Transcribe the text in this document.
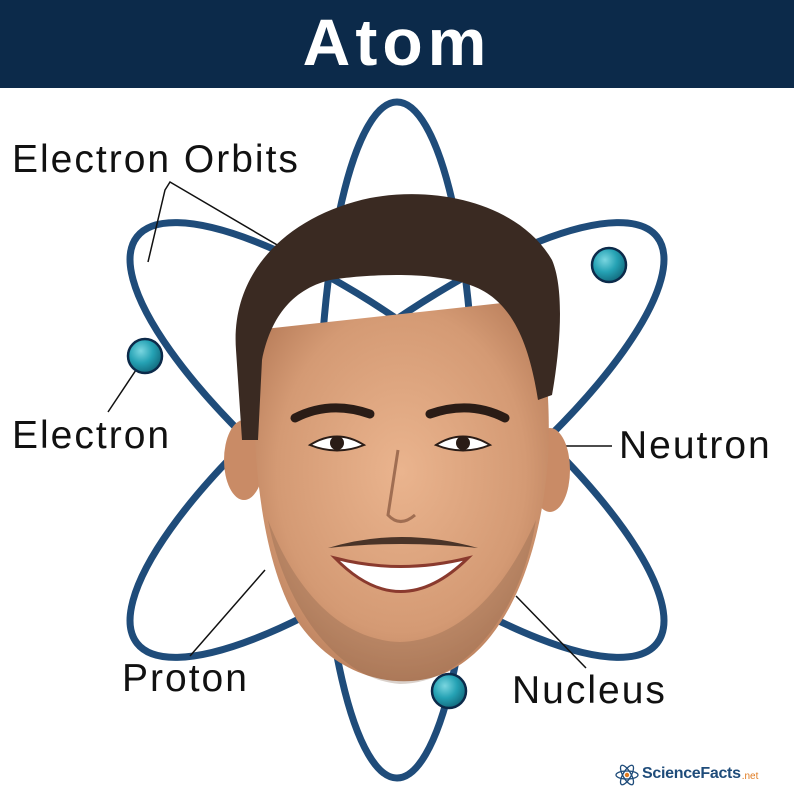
Atom
Electron Orbits
Electron	Neutron
Proton	Nucleus
ScienceFacts .net
